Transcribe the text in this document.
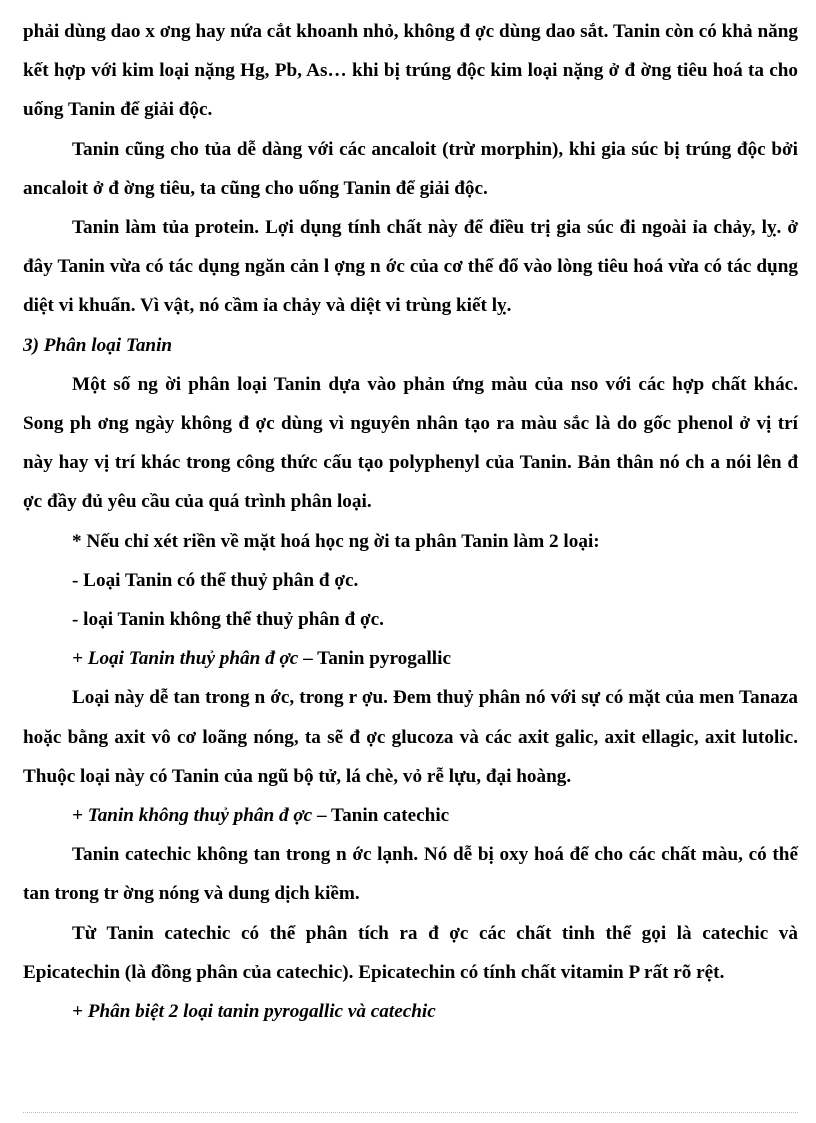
phải dùng dao x ơng hay nứa cắt khoanh nhỏ, không đ ợc dùng dao sắt. Tanin còn có khả năng kết hợp với kim loại nặng Hg, Pb, As… khi bị trúng độc kim loại nặng ở đ ờng tiêu hoá ta cho uống Tanin để giải độc.

Tanin cũng cho tủa dễ dàng với các ancaloit (trừ morphin), khi gia súc bị trúng độc bởi ancaloit ở đ ờng tiêu, ta cũng cho uống Tanin để giải độc.

Tanin làm tủa protein. Lợi dụng tính chất này để điều trị gia súc đi ngoài ỉa chảy, lỵ. ở đây Tanin vừa có tác dụng ngăn cản l ợng n ớc của cơ thể đổ vào lòng tiêu hoá vừa có tác dụng diệt vi khuẩn. Vì vật, nó cầm ỉa chảy và diệt vi trùng kiết lỵ.

3) Phân loại Tanin

Một số ng ời phân loại Tanin dựa vào phản ứng màu của nso với các hợp chất khác. Song ph ơng ngày không đ ợc dùng vì nguyên nhân tạo ra màu sắc là do gốc phenol ở vị trí này hay vị trí khác trong công thức cấu tạo polyphenyl của Tanin. Bản thân nó ch a nói lên đ ợc đầy đủ yêu cầu của quá trình phân loại.

* Nếu chỉ xét riền về mặt hoá học ng ời ta phân Tanin làm 2 loại:

- Loại Tanin có thể thuỷ phân đ ợc.

- loại Tanin không thể thuỷ phân đ ợc.

+ Loại Tanin thuỷ phân đ ợc – Tanin pyrogallic

Loại này dễ tan trong n ớc, trong r ợu. Đem thuỷ phân nó với sự có mặt của men Tanaza hoặc bằng axit vô cơ loãng nóng, ta sẽ đ ợc glucoza và các axit galic, axit ellagic, axit lutolic. Thuộc loại này có Tanin của ngũ bộ tử, lá chè, vỏ rễ lựu, đại hoàng.

+ Tanin không thuỷ phân đ ợc – Tanin catechic

Tanin catechic không tan trong n ớc lạnh. Nó dễ bị oxy hoá để cho các chất màu, có thể tan trong tr ờng nóng và dung dịch kiềm.

Từ Tanin catechic có thể phân tích ra đ ợc các chất tinh thể gọi là catechic và Epicatechin (là đồng phân của catechic). Epicatechin có tính chất vitamin P rất rõ rệt.

+ Phân biệt 2 loại tanin pyrogallic và catechic
